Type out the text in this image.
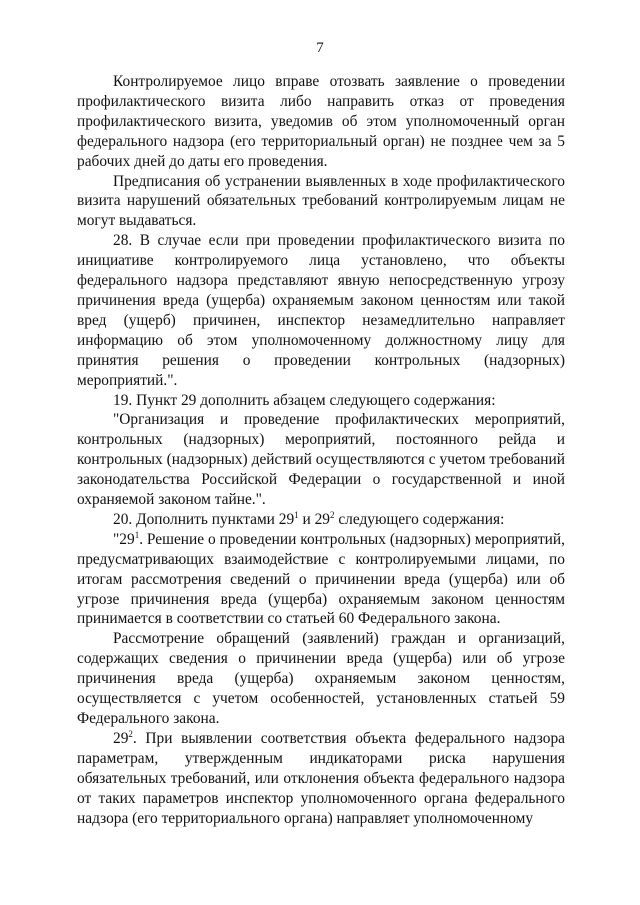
7

Контролируемое лицо вправе отозвать заявление о проведении профилактического визита либо направить отказ от проведения профилактического визита, уведомив об этом уполномоченный орган федерального надзора (его территориальный орган) не позднее чем за 5 рабочих дней до даты его проведения.

Предписания об устранении выявленных в ходе профилактического визита нарушений обязательных требований контролируемым лицам не могут выдаваться.

28. В случае если при проведении профилактического визита по инициативе контролируемого лица установлено, что объекты федерального надзора представляют явную непосредственную угрозу причинения вреда (ущерба) охраняемым законом ценностям или такой вред (ущерб) причинен, инспектор незамедлительно направляет информацию об этом уполномоченному должностному лицу для принятия решения о проведении контрольных (надзорных) мероприятий.".

19. Пункт 29 дополнить абзацем следующего содержания:

"Организация и проведение профилактических мероприятий, контрольных (надзорных) мероприятий, постоянного рейда и контрольных (надзорных) действий осуществляются с учетом требований законодательства Российской Федерации о государственной и иной охраняемой законом тайне.".

20. Дополнить пунктами $29^1$ и $29^2$ следующего содержания:

"$29^1$. Решение о проведении контрольных (надзорных) мероприятий, предусматривающих взаимодействие с контролируемыми лицами, по итогам рассмотрения сведений о причинении вреда (ущерба) или об угрозе причинения вреда (ущерба) охраняемым законом ценностям принимается в соответствии со статьей 60 Федерального закона.

Рассмотрение обращений (заявлений) граждан и организаций, содержащих сведения о причинении вреда (ущерба) или об угрозе причинения вреда (ущерба) охраняемым законом ценностям, осуществляется с учетом особенностей, установленных статьей 59 Федерального закона.

$29^2$. При выявлении соответствия объекта федерального надзора параметрам, утвержденным индикаторами риска нарушения обязательных требований, или отклонения объекта федерального надзора от таких параметров инспектор уполномоченного органа федерального надзора (его территориального органа) направляет уполномоченному
